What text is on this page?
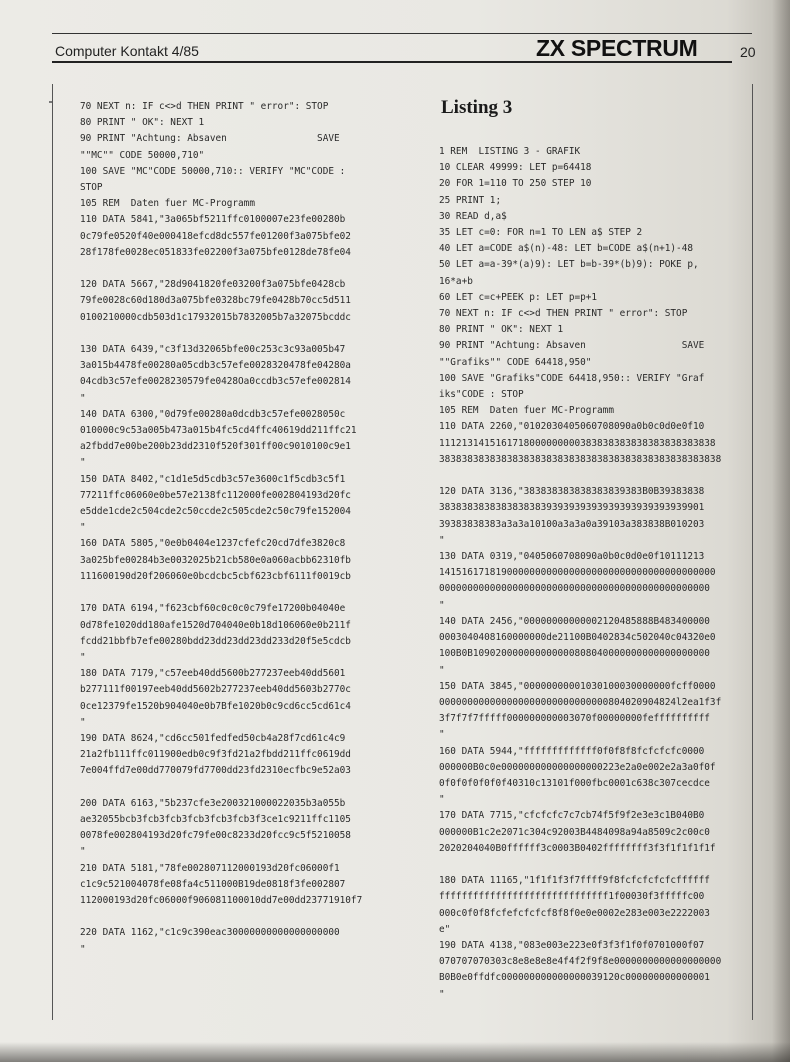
Computer Kontakt 4/85	ZX SPECTRUM	20
Listing 3
70 NEXT n: IF c<>d THEN PRINT " error": STOP
80 PRINT " OK": NEXT 1
90 PRINT "Achtung: Absaven                SAVE
""MC"" CODE 50000,710"
100 SAVE "MC"CODE 50000,710:: VERIFY "MC"CODE :
STOP
105 REM  Daten fuer MC-Programm
110 DATA 5841,"3a065bf5211ffc0100007e23fe00280b
0c79fe0520f40e000418efcd8dc557fe01200f3a075bfe02
28f178fe0028ec051833fe02200f3a075bfe0128de78fe04

120 DATA 5667,"28d9041820fe03200f3a075bfe0428cb
79fe0028c60d180d3a075bfe0328bc79fe0428b70cc5d511
0100210000cdb503d1c17932015b7832005b7a32075bcddc

130 DATA 6439,"c3f13d32065bfe00c253c3c93a005b47
3a015b4478fe00280a05cdb3c57efe0028320478fe04280a
04cdb3c57efe0028230579fe0428Oa0ccdb3c57efe002814
"
140 DATA 6300,"0d79fe00280a0dcdb3c57efe0028050c
010000c9c53a005b473a015b4fc5cd4ffc40619dd211ffc21
a2fbdd7e00be200b23dd2310f520f301ff00c9010100c9e1
"
150 DATA 8402,"c1d1e5d5cdb3c57e3600c1f5cdb3c5f1
77211ffc06060e0be57e2138fc112000fe002804193d20fc
e5dde1cde2c504cde2c50ccde2c505cde2c50c79fe152004
"
160 DATA 5805,"0e0b0404e1237cfefc20cd7dfe3820c8
3a025bfe00284b3e0032025b21cb580e0a060acbb62310fb
111600190d20f206060e0bcdcbc5cbf623cbf6111f0019cb

170 DATA 6194,"f623cbf60c0c0c0c79fe17200b04040e
0d78fe1020dd180afe1520d704040e0b18d106060e0b211f
fcdd21bbfb7efe00280bdd23dd23dd23dd233d20f5e5cdcb
"
180 DATA 7179,"c57eeb40dd5600b277237eeb40dd5601
b277111f00197eeb40dd5602b277237eeb40dd5603b2770c
0ce12379fe1520b904040e0b7Bfe1020b0c9cd6cc5cd61c4
"
190 DATA 8624,"cd6cc501fedfed50cb4a28f7cd61c4c9
21a2fb111ffc011900edb0c9f3fd21a2fbdd211ffc0619dd
7e004ffd7e00dd770079fd7700dd23fd2310ecfbc9e52a03

200 DATA 6163,"5b237cfe3e200321000022035b3a055b
ae32055bcb3fcb3fcb3fcb3fcb3fcb3f3ce1c9211ffc1105
0078fe002804193d20fc79fe00c8233d20fcc9c5f5210058
"
210 DATA 5181,"78fe002807112000193d20fc06000f1
c1c9c521004078fe08fa4c511000B19de0818f3fe002807
112000193d20fc06000f906081100010dd7e00dd23771910f7

220 DATA 1162,"c1c9c390eac30000000000000000000
"
1 REM  LISTING 3 - GRAFIK
10 CLEAR 49999: LET p=64418
20 FOR 1=110 TO 250 STEP 10
25 PRINT 1;
30 READ d,a$
35 LET c=0: FOR n=1 TO LEN a$ STEP 2
40 LET a=CODE a$(n)-48: LET b=CODE a$(n+1)-48
50 LET a=a-39*(a)9): LET b=b-39*(b)9): POKE p,
16*a+b
60 LET c=c+PEEK p: LET p=p+1
70 NEXT n: IF c<>d THEN PRINT " error": STOP
80 PRINT " OK": NEXT 1
90 PRINT "Achtung: Absaven                 SAVE
""Grafiks"" CODE 64418,950"
100 SAVE "Grafiks"CODE 64418,950:: VERIFY "Graf
iks"CODE : STOP
105 REM  Daten fuer MC-Programm
110 DATA 2260,"0102030405060708090a0b0c0d0e0f10
1112131415161718000000000383838383838383838383838
38383838383838383838383838383838383838383838383838

120 DATA 3136,"383838383838383839383B0B39383838
38383838383838383839393939393939393939393939901
39383838383a3a3a10100a3a3a0a39103a383838B010203
"
130 DATA 0319,"0405060708090a0b0c0d0e0f10111213
1415161718190000000000000000000000000000000000000
000000000000000000000000000000000000000000000000
"
140 DATA 2456,"00000000000002120485888B483400000
0003040408160000000de21100B0402834c502040c04320e0
100B0B109020000000000000808040000000000000000000
"
150 DATA 3845,"00000000001030100030000000fcff0000
000000000000000000000000000000804020904824l2ea1f3f
3f7f7f7fffff000000000003070f00000000feffffffffff
"
160 DATA 5944,"fffffffffffff0f0f8f8fcfcfcfc0000
000000B0c0e000000000000000000223e2a0e002e2a3a0f0f
0f0f0f0f0f0f40310c13101f000fbc0001c638c307cecdce
"
170 DATA 7715,"cfcfcfc7c7cb74f5f9f2e3e3c1B040B0
000000B1c2e2071c304c92003B4484098a94a8509c2c00c0
2020204040B0ffffff3c0003B0402ffffffff3f3f1f1f1f1f

180 DATA 11165,"1f1f1f3f7ffff9f8fcfcfcfcfcffffff
ffffffffffffffffffffffffffffff1f00030f3fffffc00
000c0f0f8fcfefcfcfcf8f8f0e0e0002e283e003e2222003
e"
190 DATA 4138,"083e003e223e0f3f3f1f0f0701000f07
070707070303c8e8e8e8e4f4f2f9f8e0000000000000000000
B0B0e0ffdfc000000000000000039120c000000000000001
"
